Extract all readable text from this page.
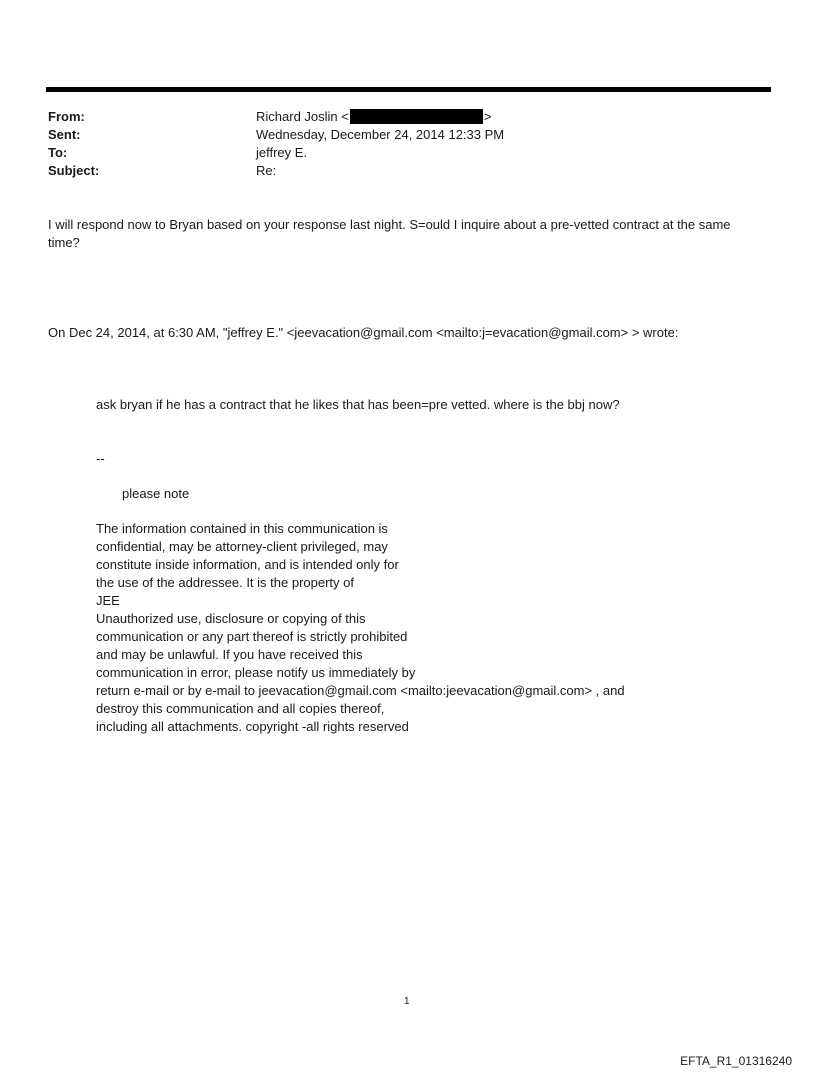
From:	Richard Joslin <	>
Sent:	Wednesday, December 24, 2014 12:33 PM
To:	jeffrey E.
Subject:	Re:
I will respond now to Bryan based on your response last night. S=ould I inquire about a pre-vetted contract at the same
time?
On Dec 24, 2014, at 6:30 AM, "jeffrey E." <jeevacation@gmail.com <mailto:j=evacation@gmail.com> > wrote:
ask bryan if he has a contract that he likes that has been=pre vetted. where is the bbj now?
--
please note
The information contained in this communication is
confidential, may be attorney-client privileged, may
constitute inside information, and is intended only for
the use of the addressee. It is the property of
JEE
Unauthorized use, disclosure or copying of this
communication or any part thereof is strictly prohibited
and may be unlawful. If you have received this
communication in error, please notify us immediately by
return e-mail or by e-mail to jeevacation@gmail.com <mailto:jeevacation@gmail.com> , and
destroy this communication and all copies thereof,
including all attachments. copyright -all rights reserved
1
EFTA_R1_01316240
